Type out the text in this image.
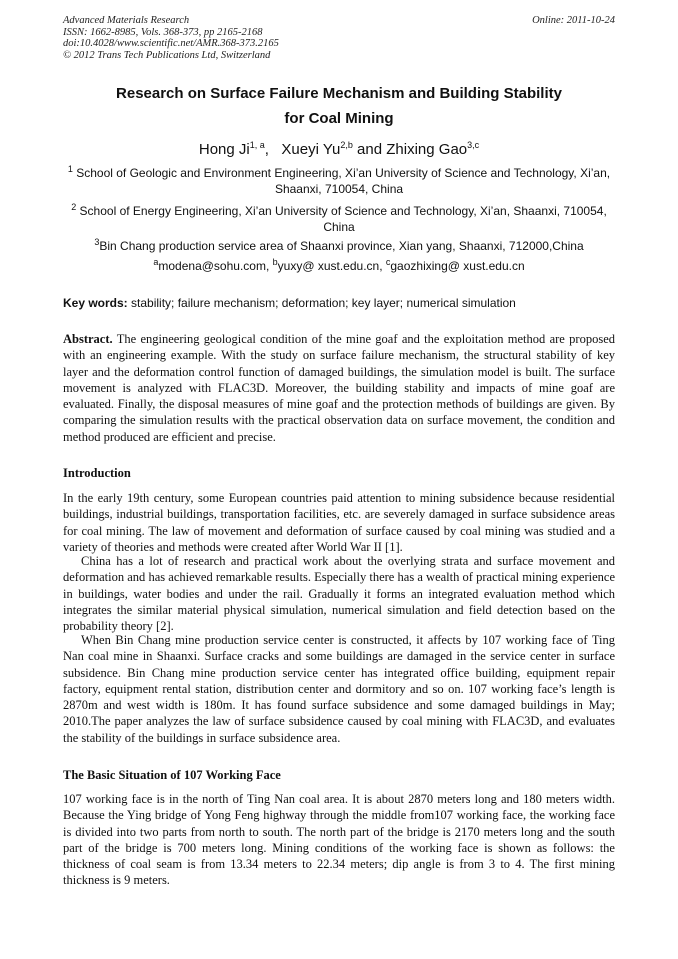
Advanced Materials Research
ISSN: 1662-8985, Vols. 368-373, pp 2165-2168
doi:10.4028/www.scientific.net/AMR.368-373.2165
© 2012 Trans Tech Publications Ltd, Switzerland
Online: 2011-10-24
Research on Surface Failure Mechanism and Building Stability
for Coal Mining
Hong Ji$^{1, a}$,   Xueyi Yu$^{2,b}$ and Zhixing Gao$^{3,c}$
$^1$ School of Geologic and Environment Engineering, Xi’an University of Science and Technology, Xi’an, Shaanxi, 710054, China
$^2$ School of Energy Engineering, Xi’an University of Science and Technology, Xi’an, Shaanxi, 710054, China
$^3$Bin Chang production service area of Shaanxi province, Xian yang, Shaanxi, 712000,China
$^a$modena@sohu.com, $^b$yuxy@ xust.edu.cn, $^c$gaozhixing@ xust.edu.cn
Key words: stability; failure mechanism; deformation; key layer; numerical simulation
Abstract. The engineering geological condition of the mine goaf and the exploitation method are proposed with an engineering example. With the study on surface failure mechanism, the structural stability of key layer and the deformation control function of damaged buildings, the simulation model is built. The surface movement is analyzed with FLAC3D. Moreover, the building stability and impacts of mine goaf are evaluated. Finally, the disposal measures of mine goaf and the protection methods of buildings are given. By comparing the simulation results with the practical observation data on surface movement, the condition and method produced are efficient and precise.
Introduction
In the early 19th century, some European countries paid attention to mining subsidence because residential buildings, industrial buildings, transportation facilities, etc. are severely damaged in surface subsidence areas for coal mining. The law of movement and deformation of surface caused by coal mining was studied and a variety of theories and methods were created after World War II [1].
China has a lot of research and practical work about the overlying strata and surface movement and deformation and has achieved remarkable results. Especially there has a wealth of practical mining experience in buildings, water bodies and under the rail. Gradually it forms an integrated evaluation method which integrates the similar material physical simulation, numerical simulation and field detection based on the probability theory [2].
When Bin Chang mine production service center is constructed, it affects by 107 working face of Ting Nan coal mine in Shaanxi. Surface cracks and some buildings are damaged in the service center in surface subsidence. Bin Chang mine production service center has integrated office building, equipment repair factory, equipment rental station, distribution center and dormitory and so on. 107 working face’s length is 2870m and west width is 180m. It has found surface subsidence and some damaged buildings in May; 2010.The paper analyzes the law of surface subsidence caused by coal mining with FLAC3D, and evaluates the stability of the buildings in surface subsidence area.
The Basic Situation of 107 Working Face
107 working face is in the north of Ting Nan coal area. It is about 2870 meters long and 180 meters width. Because the Ying bridge of Yong Feng highway through the middle from107 working face, the working face is divided into two parts from north to south. The north part of the bridge is 2170 meters long and the south part of the bridge is 700 meters long. Mining conditions of the working face is shown as follows: the thickness of coal seam is from 13.34 meters to 22.34 meters; dip angle is from 3 to 4. The first mining thickness is 9 meters.
